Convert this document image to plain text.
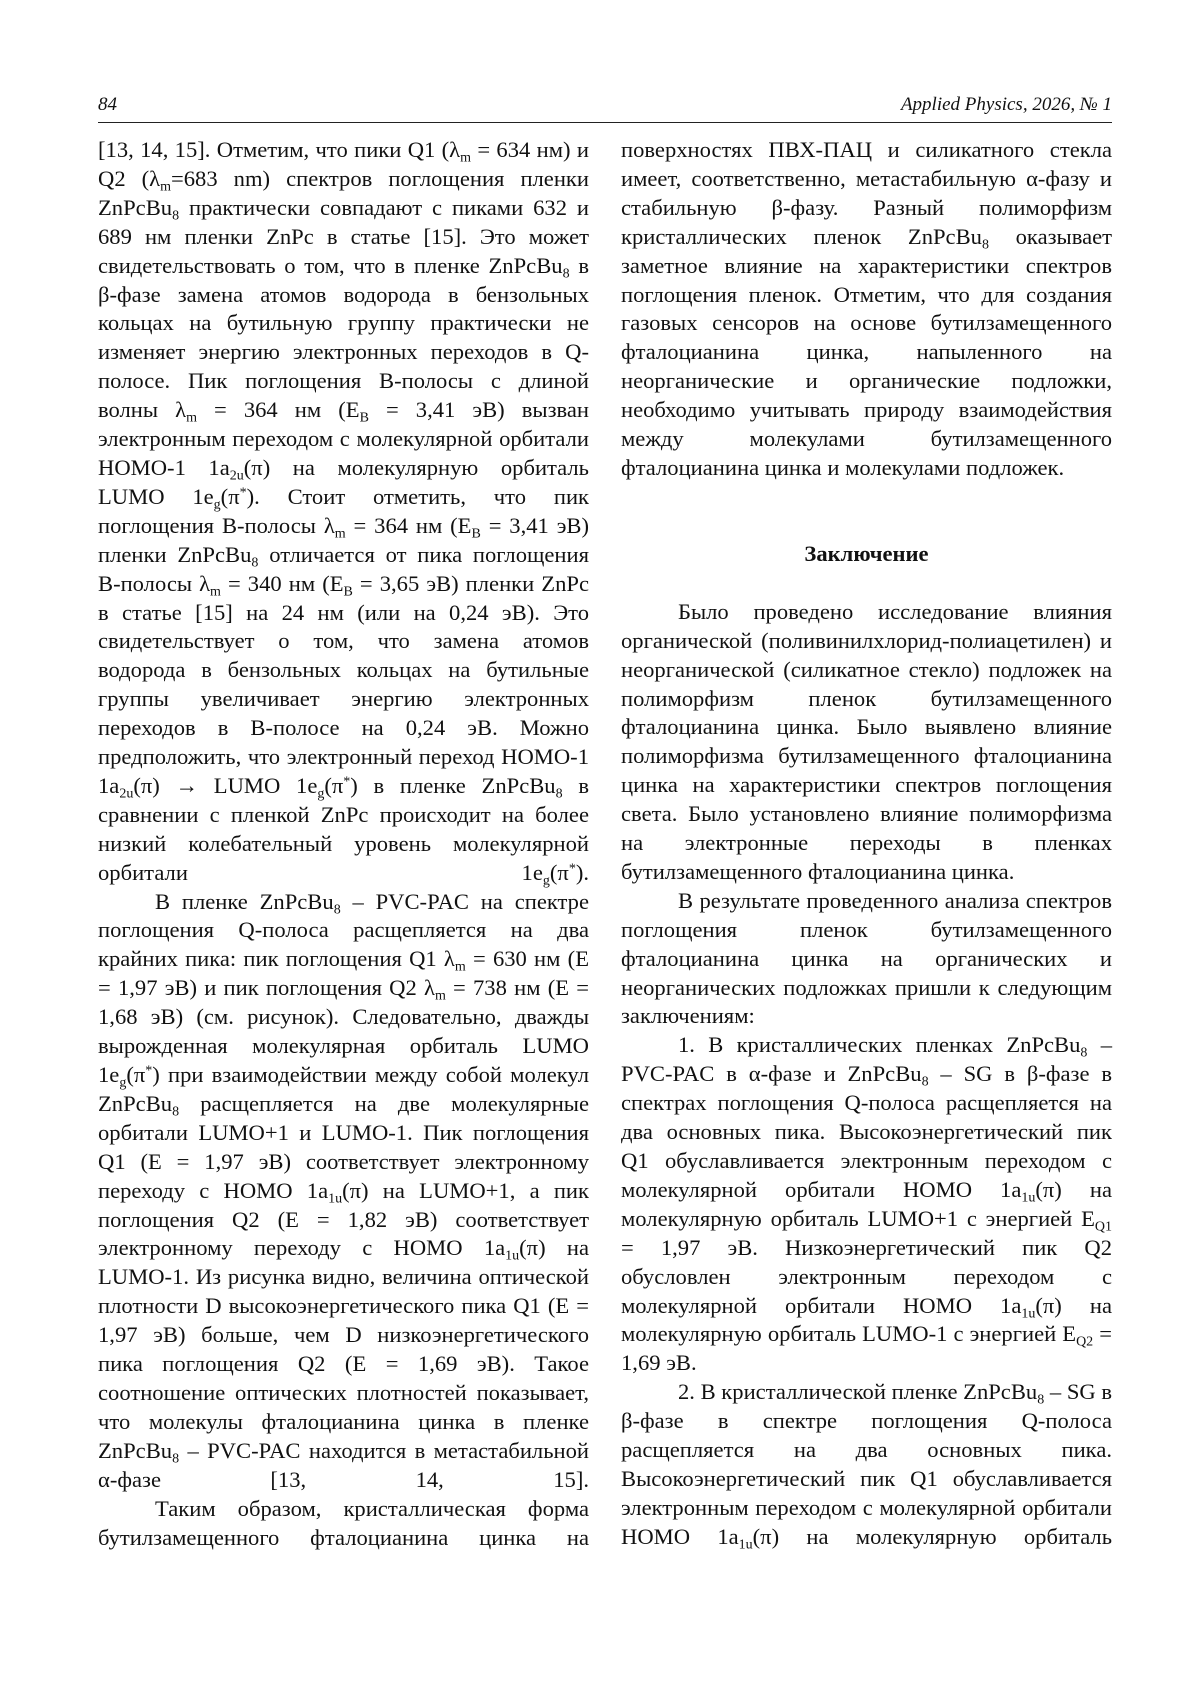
84	Applied Physics, 2026, № 1

[13, 14, 15]. Отметим, что пики Q1 ($\lambda_m = 634$ нм) и Q2 ($\lambda_m=683$ nm) спектров поглощения пленки ZnPcBu$_8$ практически совпадают с пиками 632 и 689 нм пленки ZnPc в статье [15]. Это может свидетельствовать о том, что в пленке ZnPcBu$_8$ в β-фазе замена атомов водорода в бензольных кольцах на бутильную группу практически не изменяет энергию электронных переходов в Q-полосе. Пик поглощения B-полосы с длиной волны $\lambda_m = 364$ нм ($E_B = 3,41$ эВ) вызван электронным переходом с молекулярной орбитали HOMO-1 $1a_{2u}(\pi)$ на молекулярную орбиталь LUMO $1e_g(\pi^*)$. Стоит отметить, что пик поглощения B-полосы $\lambda_m = 364$ нм ($E_B = 3,41$ эВ) пленки ZnPcBu$_8$ отличается от пика поглощения B-полосы $\lambda_m = 340$ нм ($E_B = 3,65$ эВ) пленки ZnPc в статье [15] на 24 нм (или на 0,24 эВ). Это свидетельствует о том, что замена атомов водорода в бензольных кольцах на бутильные группы увеличивает энергию электронных переходов в B-полосе на 0,24 эВ. Можно предположить, что электронный переход HOMO-1 $1a_{2u}(\pi)$ → LUMO $1e_g(\pi^*)$ в пленке ZnPcBu$_8$ в сравнении с пленкой ZnPc происходит на более низкий колебательный уровень молекулярной орбитали $1e_g(\pi^*)$.

В пленке ZnPcBu$_8$ – PVC-PAC на спектре поглощения Q-полоса расщепляется на два крайних пика: пик поглощения Q1 $\lambda_m = 630$ нм (E = 1,97 эВ) и пик поглощения Q2 $\lambda_m = 738$ нм (E = 1,68 эВ) (см. рисунок). Следовательно, дважды вырожденная молекулярная орбиталь LUMO $1e_g(\pi^*)$ при взаимодействии между собой молекул ZnPcBu$_8$ расщепляется на две молекулярные орбитали LUMO+1 и LUMO-1. Пик поглощения Q1 (E = 1,97 эВ) соответствует электронному переходу с HOMO $1a_{1u}(\pi)$ на LUMO+1, а пик поглощения Q2 (E = 1,82 эВ) соответствует электронному переходу с HOMO $1a_{1u}(\pi)$ на LUMO-1. Из рисунка видно, величина оптической плотности D высокоэнергетического пика Q1 (E = 1,97 эВ) больше, чем D низкоэнергетического пика поглощения Q2 (E = 1,69 эВ). Такое соотношение оптических плотностей показывает, что молекулы фталоцианина цинка в пленке ZnPcBu$_8$ – PVC-PAC находится в метастабильной α-фазе [13, 14, 15].

Таким образом, кристаллическая форма бутилзамещенного фталоцианина цинка на

поверхностях ПВХ-ПАЦ и силикатного стекла имеет, соответственно, метастабильную α-фазу и стабильную β-фазу. Разный полиморфизм кристаллических пленок ZnPcBu$_8$ оказывает заметное влияние на характеристики спектров поглощения пленок. Отметим, что для создания газовых сенсоров на основе бутилзамещенного фталоцианина цинка, напыленного на неорганические и органические подложки, необходимо учитывать природу взаимодействия между молекулами бутилзамещенного фталоцианина цинка и молекулами подложек.

Заключение

Было проведено исследование влияния органической (поливинилхлорид-полиацетилен) и неорганической (силикатное стекло) подложек на полиморфизм пленок бутилзамещенного фталоцианина цинка. Было выявлено влияние полиморфизма бутилзамещенного фталоцианина цинка на характеристики спектров поглощения света. Было установлено влияние полиморфизма на электронные переходы в пленках бутилзамещенного фталоцианина цинка.

В результате проведенного анализа спектров поглощения пленок бутилзамещенного фталоцианина цинка на органических и неорганических подложках пришли к следующим заключениям:

1. В кристаллических пленках ZnPcBu$_8$ – PVC-PAC в α-фазе и ZnPcBu$_8$ – SG в β-фазе в спектрах поглощения Q-полоса расщепляется на два основных пика. Высокоэнергетический пик Q1 обуславливается электронным переходом с молекулярной орбитали HOMO $1a_{1u}(\pi)$ на молекулярную орбиталь LUMO+1 с энергией $E_{Q1} = 1,97$ эВ. Низкоэнергетический пик Q2 обусловлен электронным переходом с молекулярной орбитали HOMO $1a_{1u}(\pi)$ на молекулярную орбиталь LUMO-1 с энергией $E_{Q2} = 1,69$ эВ.

2. В кристаллической пленке ZnPcBu$_8$ – SG в β-фазе в спектре поглощения Q-полоса расщепляется на два основных пика. Высокоэнергетический пик Q1 обуславливается электронным переходом с молекулярной орбитали HOMO $1a_{1u}(\pi)$ на молекулярную орбиталь
